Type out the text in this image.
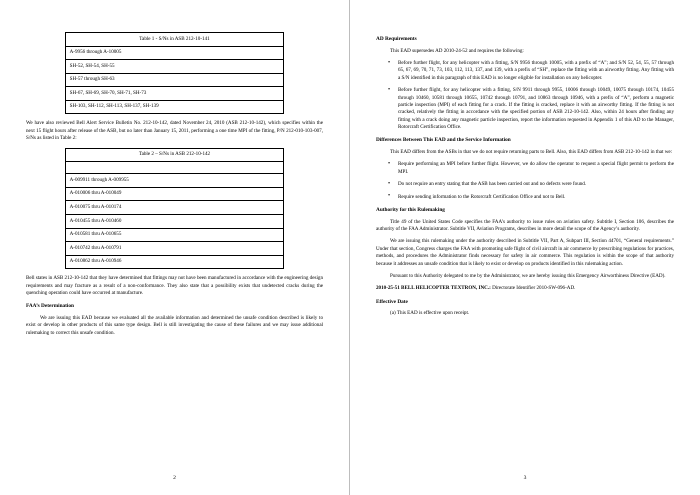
Table 1 - S/Ns in ASB 212-10-141
A-9956 through A-10005
SH-52, SH-54, SH-55
SH-57 through SH-63
SH-67, SH-69, SH-70, SH-71, SH-73
SH-103, SH-112, SH-113, SH-137, SH-139

We have also reviewed Bell Alert Service Bulletin No. 212-10-142, dated November 24, 2010 (ASB 212-10-142), which specifies within the next 15 flight hours after release of the ASB, but no later than January 15, 2011, performing a one time MPI of the fitting, P/N 212-010-103-007, S/Ns as listed in Table 2:

Table 2 – S/Ns in ASB 212-10-142

A-009911 through A-009955
A-010006 thru A-010049
A-010075 thru A-010174
A-010455 thru A-010460
A-010581 thru A-010655
A-010742 thru A-010791
A-010862 thru A-010946

Bell states in ASB 212-10-142 that they have determined that fittings may not have been manufactured in accordance with the engineering design requirements and may fracture as a result of a non-conformance. They also state that a possibility exists that undetected cracks during the quenching operation could have occurred at manufacture.

FAA’s Determination

We are issuing this EAD because we evaluated all the available information and determined the unsafe condition described is likely to exist or develop in other products of this same type design. Bell is still investigating the cause of these failures and we may issue additional rulemaking to correct this unsafe condition.

2
AD Requirements

This EAD supersedes AD 2010-24-52 and requires the following:

• Before further flight, for any helicopter with a fitting, S/N 9956 through 10005, with a prefix of “A”; and S/N 52, 54, 55, 57 through 65, 67, 69, 70, 71, 73, 103, 112, 113, 137, and 139, with a prefix of “SH”, replace the fitting with an airworthy fitting. Any fitting with a S/N identified in this paragraph of this EAD is no longer eligible for installation on any helicopter.
• Before further flight, for any helicopter with a fitting, S/N 9911 through 9955, 10006 through 10049, 10075 through 10174, 10455 through 10460, 10581 through 10655, 10742 through 10791, and 10863 through 10946, with a prefix of “A”, perform a magnetic particle inspection (MPI) of each fitting for a crack. If the fitting is cracked, replace it with an airworthy fitting. If the fitting is not cracked, relatively the fitting in accordance with the specified portion of ASB 212-10-142. Also, within 24 hours after finding any fitting with a crack doing any magnetic particle inspection, report the information requested in Appendix 1 of this AD to the Manager, Rotorcraft Certification Office.
Differences Between This EAD and the Service Information

This EAD differs from the ASBs in that we do not require returning parts to Bell. Also, this EAD differs from ASB 212-10-142 in that we:

• Require performing an MPI before further flight. However, we do allow the operator to request a special flight permit to perform the MPI.
• Do not require an entry stating that the ASB has been carried out and no defects were found.
• Require sending information to the Rotorcraft Certification Office and not to Bell.
Authority for this Rulemaking

Title 49 of the United States Code specifies the FAA’s authority to issue rules on aviation safety. Subtitle I, Section 106, describes the authority of the FAA Administrator. Subtitle VII, Aviation Programs, describes in more detail the scope of the Agency’s authority.

We are issuing this rulemaking under the authority described in Subtitle VII, Part A, Subpart III, Section 44701, “General requirements.” Under that section, Congress charges the FAA with promoting safe flight of civil aircraft in air commerce by prescribing regulations for practices, methods, and procedures the Administrator finds necessary for safety in air commerce. This regulation is within the scope of that authority because it addresses an unsafe condition that is likely to exist or develop on products identified in this rulemaking action.

Pursuant to this Authority delegated to me by the Administrator, we are hereby issuing this Emergency Airworthiness Directive (EAD).

2010-25-51 BELL HELICOPTER TEXTRON, INC.: Directorate Identifier 2010-SW-096-AD.

Effective Date

(a) This EAD is effective upon receipt.

3
